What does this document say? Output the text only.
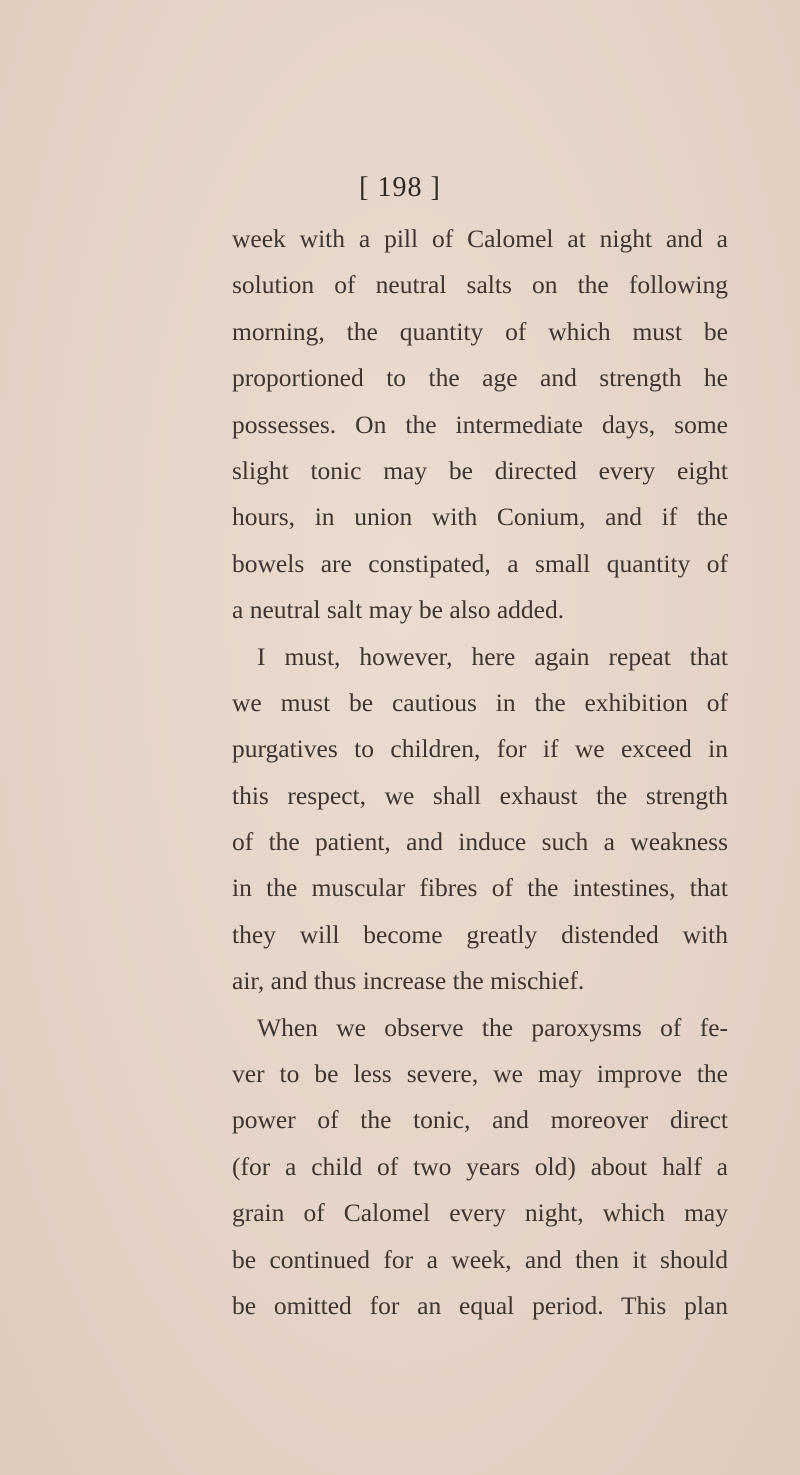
[ 198 ]
week with a pill of Calomel at night and a
solution of neutral salts on the following
morning, the quantity of which must be
proportioned to the age and strength he
possesses. On the intermediate days, some
slight tonic may be directed every eight
hours, in union with Conium, and if the
bowels are constipated, a small quantity of
a neutral salt may be also added.
I must, however, here again repeat that
we must be cautious in the exhibition of
purgatives to children, for if we exceed in
this respect, we shall exhaust the strength
of the patient, and induce such a weakness
in the muscular fibres of the intestines, that
they will become greatly distended with
air, and thus increase the mischief.
When we observe the paroxysms of fe-
ver to be less severe, we may improve the
power of the tonic, and moreover direct
(for a child of two years old) about half a
grain of Calomel every night, which may
be continued for a week, and then it should
be omitted for an equal period. This plan
